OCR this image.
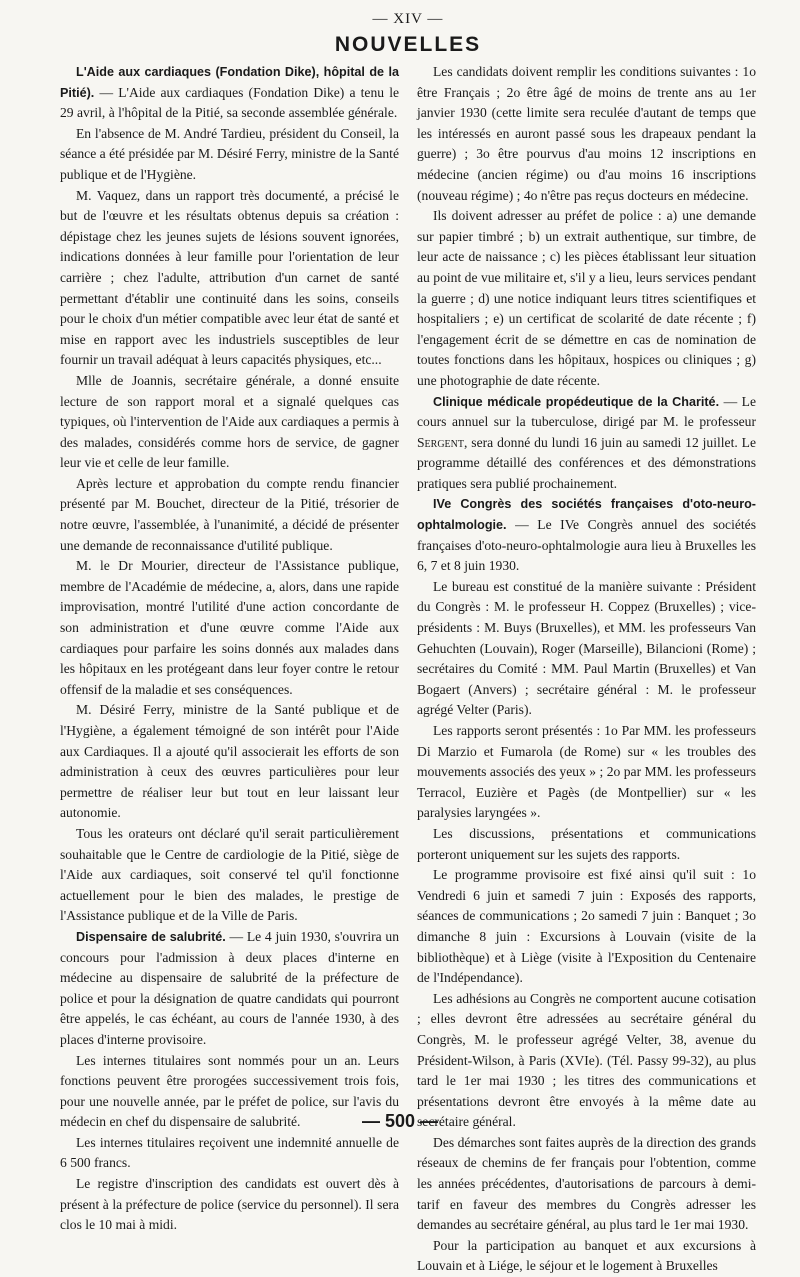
— XIV —
NOUVELLES

L'Aide aux cardiaques (Fondation Dike), hôpital de la Pitié). — L'Aide aux cardiaques (Fondation Dike) a tenu le 29 avril, à l'hôpital de la Pitié, sa seconde assemblée générale.

En l'absence de M. André Tardieu, président du Conseil, la séance a été présidée par M. Désiré Ferry, ministre de la Santé publique et de l'Hygiène.

M. Vaquez, dans un rapport très documenté, a précisé le but de l'œuvre et les résultats obtenus depuis sa création : dépistage chez les jeunes sujets de lésions souvent ignorées, indications données à leur famille pour l'orientation de leur carrière ; chez l'adulte, attribution d'un carnet de santé permettant d'établir une continuité dans les soins, conseils pour le choix d'un métier compatible avec leur état de santé et mise en rapport avec les industriels susceptibles de leur fournir un travail adéquat à leurs capacités physiques, etc...

Mlle de Joannis, secrétaire générale, a donné ensuite lecture de son rapport moral et a signalé quelques cas typiques, où l'intervention de l'Aide aux cardiaques a permis à des malades, considérés comme hors de service, de gagner leur vie et celle de leur famille.

Après lecture et approbation du compte rendu financier présenté par M. Bouchet, directeur de la Pitié, trésorier de notre œuvre, l'assemblée, à l'unanimité, a décidé de présenter une demande de reconnaissance d'utilité publique.

M. le Dr Mourier, directeur de l'Assistance publique, membre de l'Académie de médecine, a, alors, dans une rapide improvisation, montré l'utilité d'une action concordante de son administration et d'une œuvre comme l'Aide aux cardiaques pour parfaire les soins donnés aux malades dans les hôpitaux en les protégeant dans leur foyer contre le retour offensif de la maladie et ses conséquences.

M. Désiré Ferry, ministre de la Santé publique et de l'Hygiène, a également témoigné de son intérêt pour l'Aide aux Cardiaques. Il a ajouté qu'il associerait les efforts de son administration à ceux des œuvres particulières pour leur permettre de réaliser leur but tout en leur laissant leur autonomie.

Tous les orateurs ont déclaré qu'il serait particulièrement souhaitable que le Centre de cardiologie de la Pitié, siège de l'Aide aux cardiaques, soit conservé tel qu'il fonctionne actuellement pour le bien des malades, le prestige de l'Assistance publique et de la Ville de Paris.

Dispensaire de salubrité. — Le 4 juin 1930, s'ouvrira un concours pour l'admission à deux places d'interne en médecine au dispensaire de salubrité de la préfecture de police et pour la désignation de quatre candidats qui pourront être appelés, le cas échéant, au cours de l'année 1930, à des places d'interne provisoire.

Les internes titulaires sont nommés pour un an. Leurs fonctions peuvent être prorogées successivement trois fois, pour une nouvelle année, par le préfet de police, sur l'avis du médecin en chef du dispensaire de salubrité.

Les internes titulaires reçoivent une indemnité annuelle de 6 500 francs.

Le registre d'inscription des candidats est ouvert dès à présent à la préfecture de police (service du personnel). Il sera clos le 10 mai à midi.

Les candidats doivent remplir les conditions suivantes : 1o être Français ; 2o être âgé de moins de trente ans au 1er janvier 1930 (cette limite sera reculée d'autant de temps que les intéressés en auront passé sous les drapeaux pendant la guerre) ; 3o être pourvus d'au moins 12 inscriptions en médecine (ancien régime) ou d'au moins 16 inscriptions (nouveau régime) ; 4o n'être pas reçus docteurs en médecine.

Ils doivent adresser au préfet de police : a) une demande sur papier timbré ; b) un extrait authentique, sur timbre, de leur acte de naissance ; c) les pièces établissant leur situation au point de vue militaire et, s'il y a lieu, leurs services pendant la guerre ; d) une notice indiquant leurs titres scientifiques et hospitaliers ; e) un certificat de scolarité de date récente ; f) l'engagement écrit de se démettre en cas de nomination de toutes fonctions dans les hôpitaux, hospices ou cliniques ; g) une photographie de date récente.

Clinique médicale propédeutique de la Charité. — Le cours annuel sur la tuberculose, dirigé par M. le professeur Sergent, sera donné du lundi 16 juin au samedi 12 juillet. Le programme détaillé des conférences et des démonstrations pratiques sera publié prochainement.

IVe Congrès des sociétés françaises d'oto-neuro-ophtalmologie. — Le IVe Congrès annuel des sociétés françaises d'oto-neuro-ophtalmologie aura lieu à Bruxelles les 6, 7 et 8 juin 1930.

Le bureau est constitué de la manière suivante : Président du Congrès : M. le professeur H. Coppez (Bruxelles) ; vice-présidents : M. Buys (Bruxelles), et MM. les professeurs Van Gehuchten (Louvain), Roger (Marseille), Bilancioni (Rome) ; secrétaires du Comité : MM. Paul Martin (Bruxelles) et Van Bogaert (Anvers) ; secrétaire général : M. le professeur agrégé Velter (Paris).

Les rapports seront présentés : 1o Par MM. les professeurs Di Marzio et Fumarola (de Rome) sur « les troubles des mouvements associés des yeux » ; 2o par MM. les professeurs Terracol, Euzière et Pagès (de Montpellier) sur « les paralysies laryngées ».

Les discussions, présentations et communications porteront uniquement sur les sujets des rapports.

Le programme provisoire est fixé ainsi qu'il suit : 1o Vendredi 6 juin et samedi 7 juin : Exposés des rapports, séances de communications ; 2o samedi 7 juin : Banquet ; 3o dimanche 8 juin : Excursions à Louvain (visite de la bibliothèque) et à Liège (visite à l'Exposition du Centenaire de l'Indépendance).

Les adhésions au Congrès ne comportent aucune cotisation ; elles devront être adressées au secrétaire général du Congrès, M. le professeur agrégé Velter, 38, avenue du Président-Wilson, à Paris (XVIe). (Tél. Passy 99-32), au plus tard le 1er mai 1930 ; les titres des communications et présentations devront être envoyés à la même date au secrétaire général.

Des démarches sont faites auprès de la direction des grands réseaux de chemins de fer français pour l'obtention, comme les années précédentes, d'autorisations de parcours à demi-tarif en faveur des membres du Congrès adresser les demandes au secrétaire général, au plus tard le 1er mai 1930.

Pour la participation au banquet et aux excursions à Louvain et à Liége, le séjour et le logement à Bruxelles

— 500 —
